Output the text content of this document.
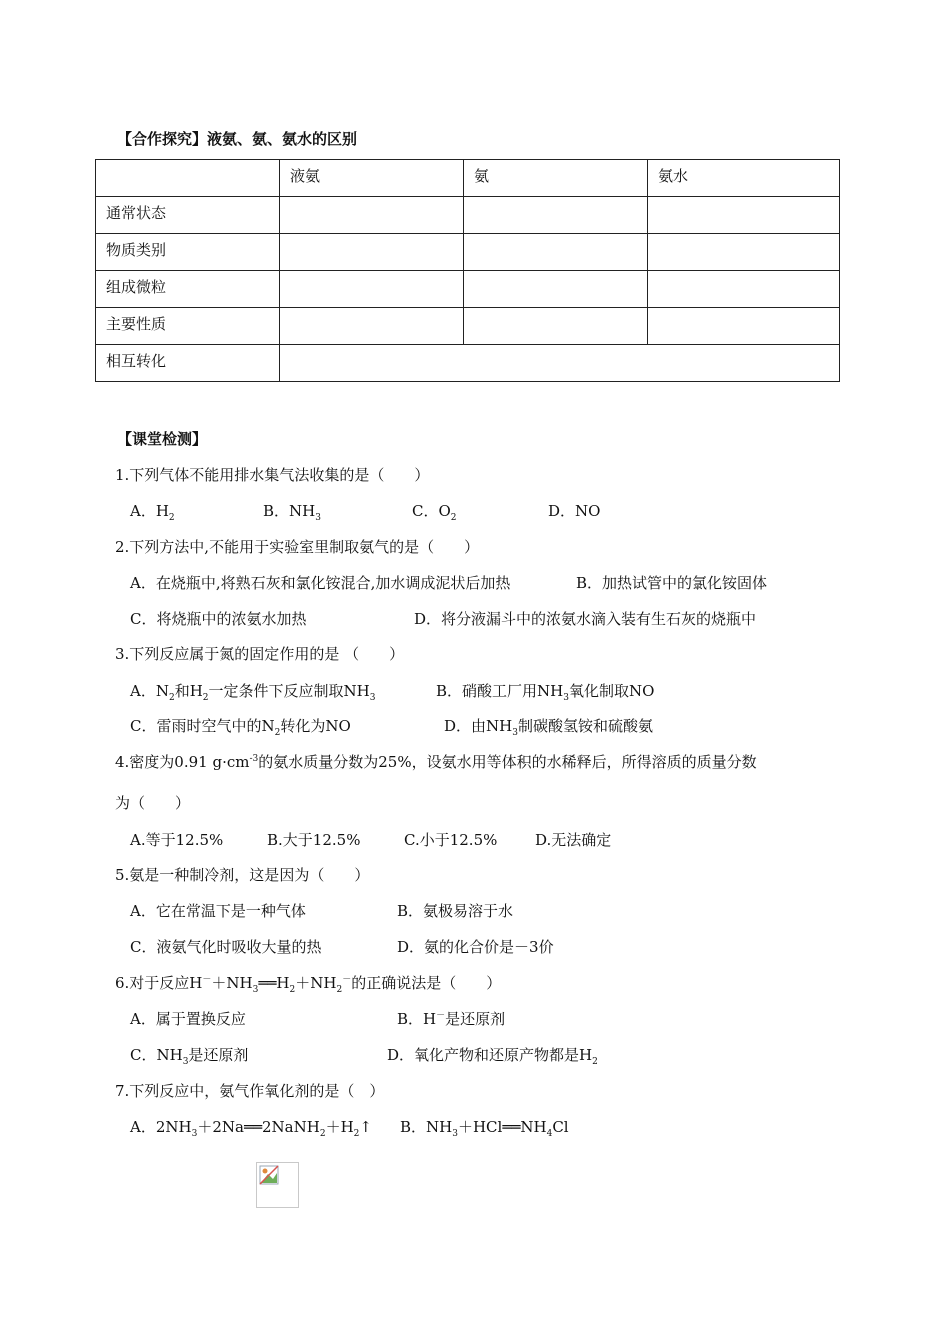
【合作探究】液氨、氨、氨水的区别
	液氨	氨	氨水
通常状态			
物质类别			
组成微粒			
主要性质			
相互转化			
【课堂检测】
1.下列气体不能用排水集气法收集的是（　　）
A．$H_2$	B．$NH_3$	C．$O_2$	D．NO
2.下列方法中,不能用于实验室里制取氨气的是（　　）
A．在烧瓶中,将熟石灰和氯化铵混合,加水调成泥状后加热	B．加热试管中的氯化铵固体
C．将烧瓶中的浓氨水加热	D．将分液漏斗中的浓氨水滴入装有生石灰的烧瓶中
3.下列反应属于氮的固定作用的是 （　　）
A．$N_2$和$H_2$一定条件下反应制取$NH_3$	B．硝酸工厂用$NH_3$氧化制取NO
C．雷雨时空气中的$N_2$转化为NO	D．由$NH_3$制碳酸氢铵和硫酸氨
4.密度为0.91 $g\cdot cm^{-3}$的氨水质量分数为25%，设氨水用等体积的水稀释后，所得溶质的质量分数
为（　　）
A.等于12.5%	B.大于12.5%	C.小于12.5%	D.无法确定
5.氨是一种制冷剂，这是因为（　　）
A．它在常温下是一种气体	B．氨极易溶于水
C．液氨气化时吸收大量的热	D．氨的化合价是－3价
6.对于反应$H^-+NH_3══H_2+NH_2^-$的正确说法是（　　）
A．属于置换反应	B．H－是还原剂
C．$NH_3$是还原剂	D．氧化产物和还原产物都是$H_2$
7.下列反应中，氨气作氧化剂的是（　）
A．$2NH_3+2Na══2NaNH_2+H_2↑$ B．$NH_3+HCl══NH_4Cl$
